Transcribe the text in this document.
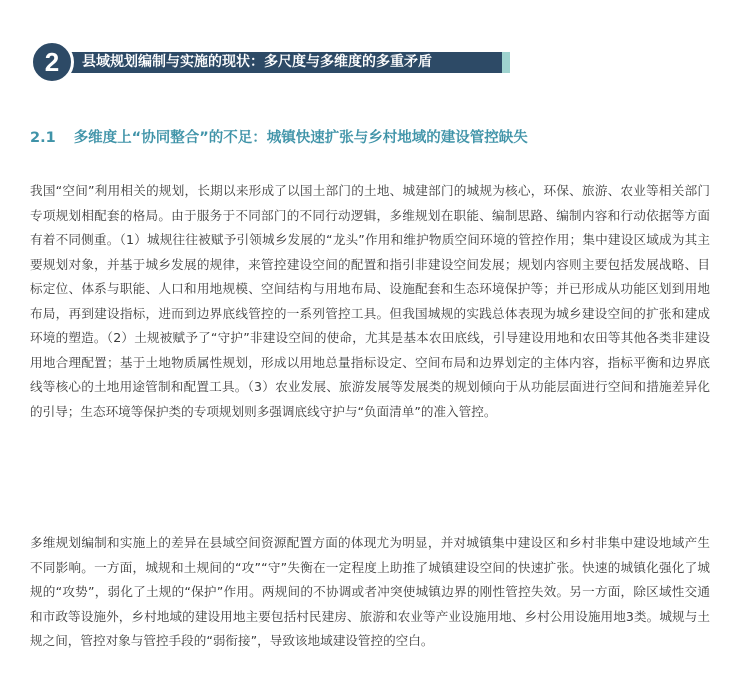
2	县域规划编制与实施的现状：多尺度与多维度的多重矛盾
2.1 多维度上“协同整合”的不足：城镇快速扩张与乡村地域的建设管控缺失

我国“空间”利用相关的规划，长期以来形成了以国土部门的土地、城建部门的城规为核心，环保、旅游、农业等相关部门专项规划相配套的格局。由于服务于不同部门的不同行动逻辑，多维规划在职能、编制思路、编制内容和行动依据等方面有着不同侧重。（1）城规往往被赋予引领城乡发展的“龙头”作用和维护物质空间环境的管控作用；集中建设区域成为其主要规划对象，并基于城乡发展的规律，来管控建设空间的配置和指引非建设空间发展；规划内容则主要包括发展战略、目标定位、体系与职能、人口和用地规模、空间结构与用地布局、设施配套和生态环境保护等；并已形成从功能区划到用地布局，再到建设指标，进而到边界底线管控的一系列管控工具。但我国城规的实践总体表现为城乡建设空间的扩张和建成环境的塑造。（2）土规被赋予了“守护”非建设空间的使命，尤其是基本农田底线，引导建设用地和农田等其他各类非建设用地合理配置；基于土地物质属性规划，形成以用地总量指标设定、空间布局和边界划定的主体内容，指标平衡和边界底线等核心的土地用途管制和配置工具。（3）农业发展、旅游发展等发展类的规划倾向于从功能层面进行空间和措施差异化的引导；生态环境等保护类的专项规划则多强调底线守护与“负面清单”的准入管控。

多维规划编制和实施上的差异在县域空间资源配置方面的体现尤为明显，并对城镇集中建设区和乡村非集中建设地域产生不同影响。一方面，城规和土规间的“攻”“守”失衡在一定程度上助推了城镇建设空间的快速扩张。快速的城镇化强化了城规的“攻势”，弱化了土规的“保护”作用。两规间的不协调或者冲突使城镇边界的刚性管控失效。另一方面，除区域性交通和市政等设施外，乡村地域的建设用地主要包括村民建房、旅游和农业等产业设施用地、乡村公用设施用地3类。城规与土规之间，管控对象与管控手段的“弱衔接”，导致该地域建设管控的空白。
